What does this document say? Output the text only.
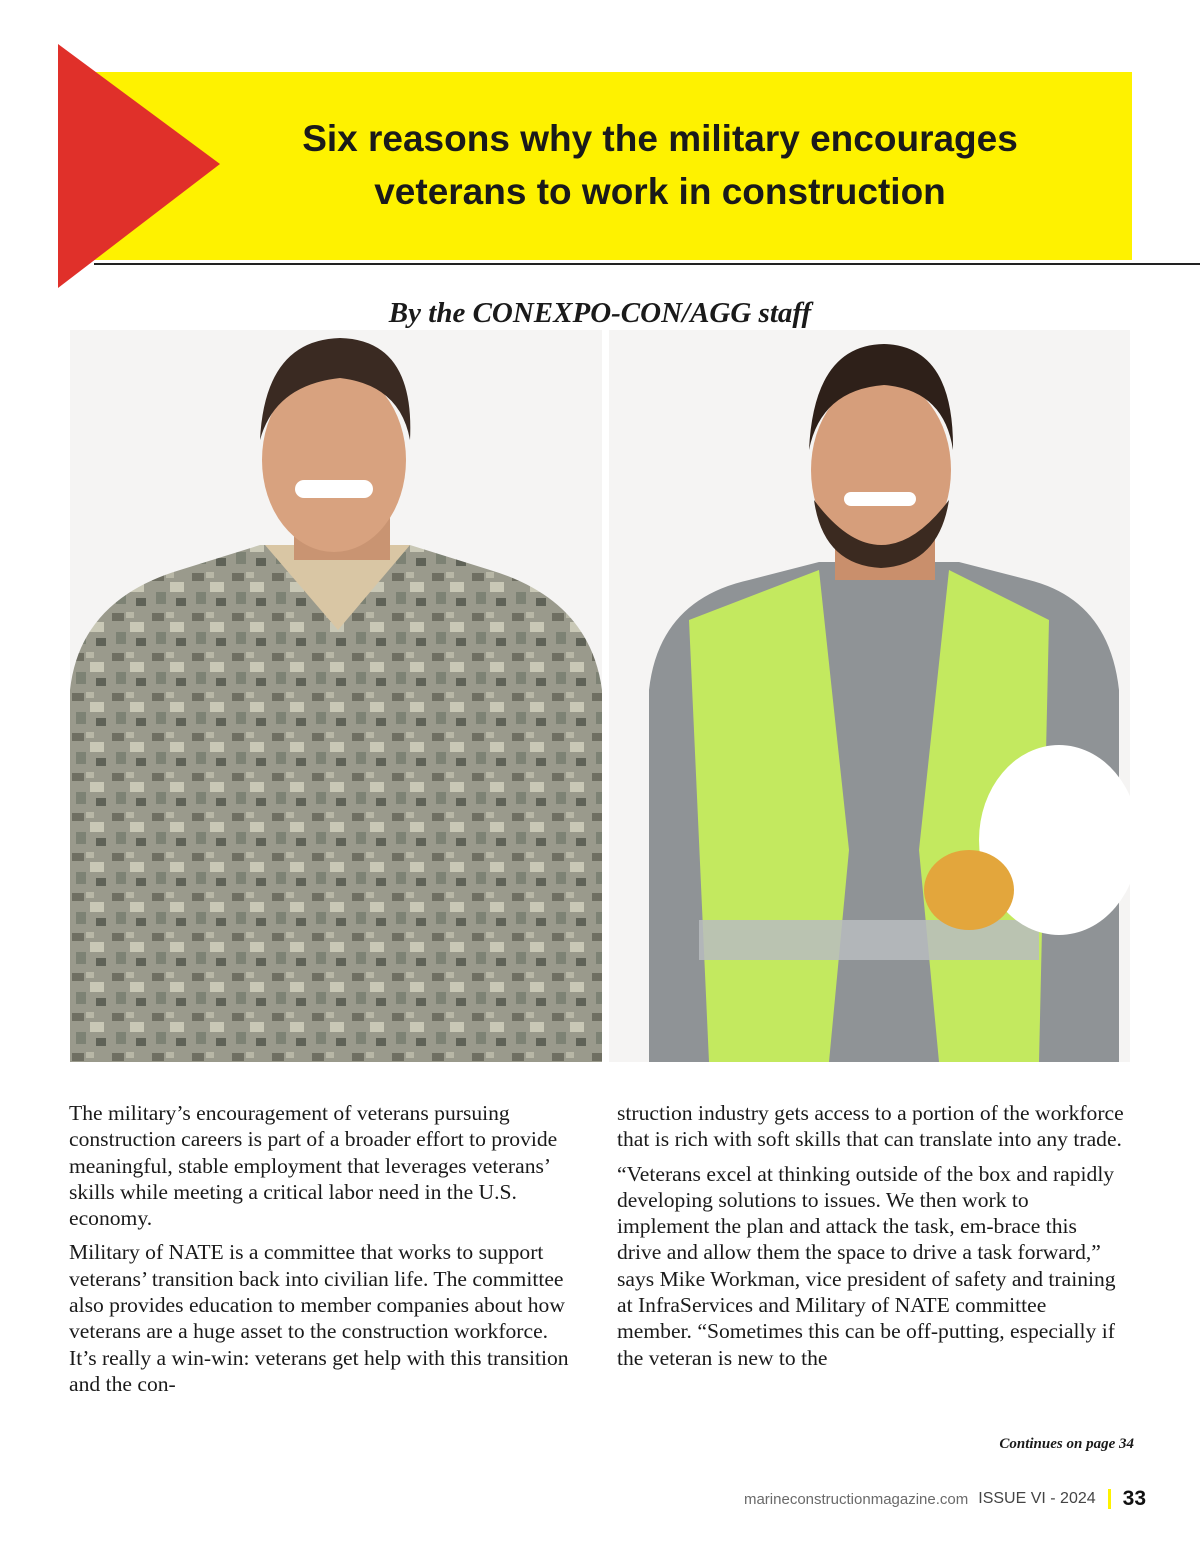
Six reasons why the military encourages
veterans to work in construction
By the CONEXPO-CON/AGG staff

The military’s encouragement of veterans pursuing construction careers is part of a broader effort to provide meaningful, stable employment that leverages veterans’ skills while meeting a critical labor need in the U.S. economy.

Military of NATE is a committee that works to support veterans’ transition back into civilian life. The committee also provides education to member companies about how veterans are a huge asset to the construction workforce. It’s really a win-win: veterans get help with this transition and the con-

struction industry gets access to a portion of the workforce that is rich with soft skills that can translate into any trade.

“Veterans excel at thinking outside of the box and rapidly developing solutions to issues. We then work to implement the plan and attack the task, em-brace this drive and allow them the space to drive a task forward,” says Mike Workman, vice president of safety and training at InfraServices and Military of NATE committee member. “Sometimes this can be off-putting, especially if the veteran is new to the

Continues on page 34
marineconstructionmagazine.com ISSUE VI - 2024 33
